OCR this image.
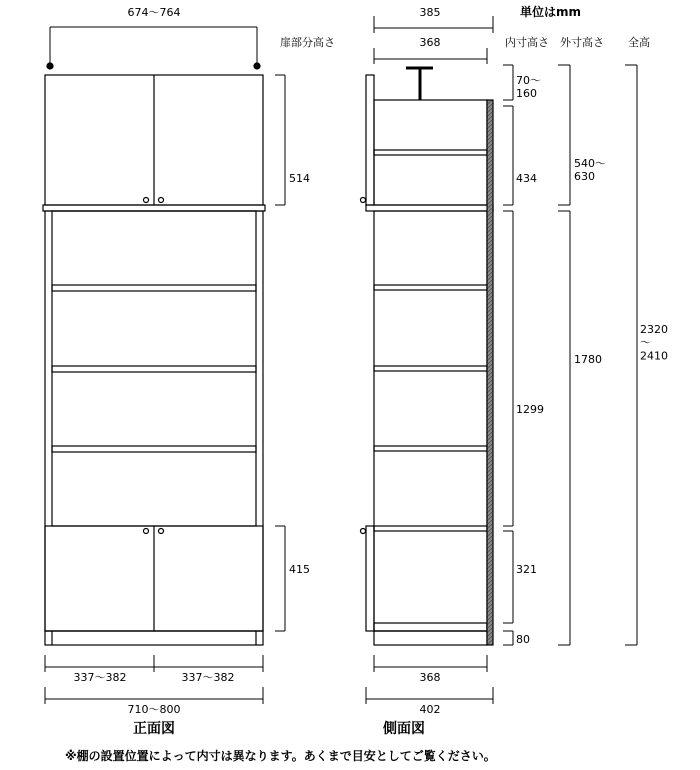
674～764
514
415
337～382	337～382
710～800
正面図
単位はmm
385
368
扉部分高さ	内寸高さ 外寸高さ 全高
70～ 160
434
1299
321
80
540～ 630
1780
2320 ～ 2410
368
402
側面図
※棚の設置位置によって内寸は異なります。あくまで目安としてご覧ください。
